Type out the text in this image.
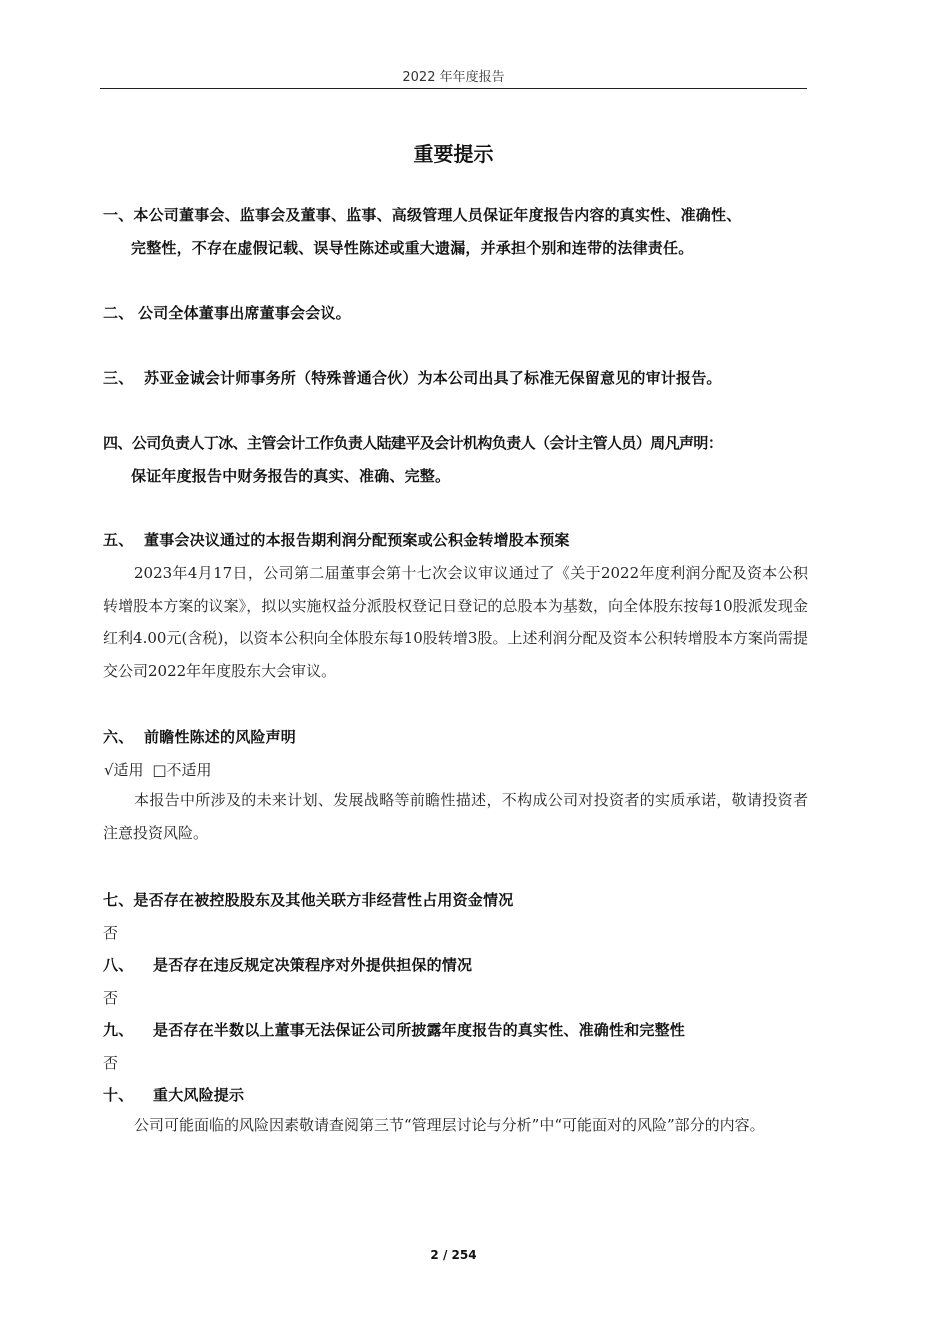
2022 年年度报告
重要提示
一、本公司董事会、监事会及董事、监事、高级管理人员保证年度报告内容的真实性、准确性、
完整性，不存在虚假记载、误导性陈述或重大遗漏，并承担个别和连带的法律责任。
二、 公司全体董事出席董事会会议。
三、 苏亚金诚会计师事务所（特殊普通合伙）为本公司出具了标准无保留意见的审计报告。
四、公司负责人丁冰、主管会计工作负责人陆建平及会计机构负责人（会计主管人员）周凡声明：
保证年度报告中财务报告的真实、准确、完整。
五、 董事会决议通过的本报告期利润分配预案或公积金转增股本预案
2023年4月17日，公司第二届董事会第十七次会议审议通过了《关于2022年度利润分配及资本公积转增股本方案的议案》，拟以实施权益分派股权登记日登记的总股本为基数，向全体股东按每10股派发现金红利4.00元(含税)，以资本公积向全体股东每10股转增3股。上述利润分配及资本公积转增股本方案尚需提交公司2022年年度股东大会审议。
六、 前瞻性陈述的风险声明
√适用 □不适用
本报告中所涉及的未来计划、发展战略等前瞻性描述，不构成公司对投资者的实质承诺，敬请投资者注意投资风险。
七、是否存在被控股股东及其他关联方非经营性占用资金情况
否
八、 是否存在违反规定决策程序对外提供担保的情况
否
九、 是否存在半数以上董事无法保证公司所披露年度报告的真实性、准确性和完整性
否
十、 重大风险提示
公司可能面临的风险因素敬请查阅第三节“管理层讨论与分析”中“可能面对的风险”部分的内容。
2 / 254
